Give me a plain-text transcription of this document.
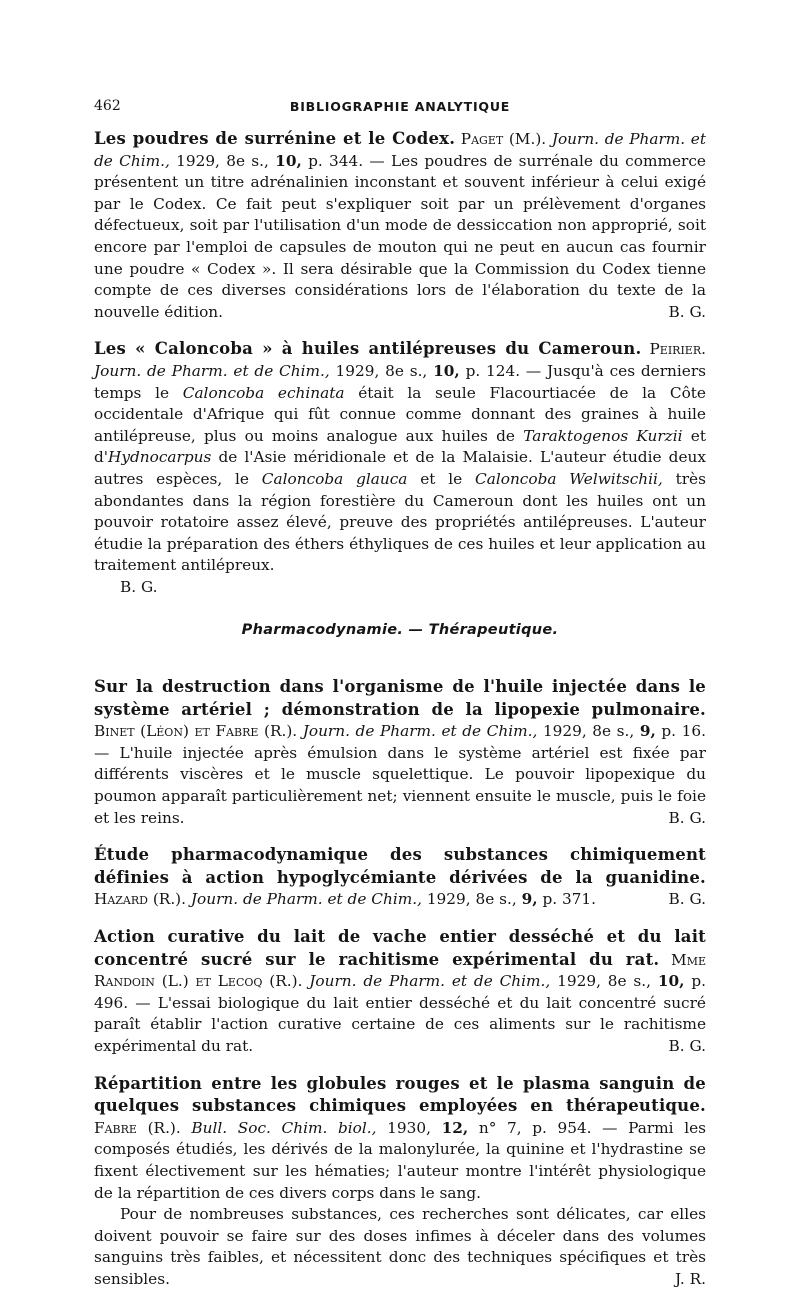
462	BIBLIOGRAPHIE ANALYTIQUE

Les poudres de surrénine et le Codex. Paget (M.). Journ. de Pharm. et de Chim., 1929, 8e s., 10, p. 344. — Les poudres de surrénale du commerce présentent un titre adrénalinien inconstant et souvent inférieur à celui exigé par le Codex. Ce fait peut s'expliquer soit par un prélèvement d'organes défectueux, soit par l'utilisation d'un mode de dessiccation non approprié, soit encore par l'emploi de capsules de mouton qui ne peut en aucun cas fournir une poudre « Codex ». Il sera désirable que la Commission du Codex tienne compte de ces diverses considérations lors de l'élaboration du texte de la nouvelle édition.	B. G.

Les « Caloncoba » à huiles antilépreuses du Cameroun. Peirier. Journ. de Pharm. et de Chim., 1929, 8e s., 10, p. 124. — Jusqu'à ces derniers temps le Caloncoba echinata était la seule Flacourtiacée de la Côte occidentale d'Afrique qui fût connue comme donnant des graines à huile antilépreuse, plus ou moins analogue aux huiles de Taraktogenos Kurzii et d'Hydnocarpus de l'Asie méridionale et de la Malaisie. L'auteur étudie deux autres espèces, le Caloncoba glauca et le Caloncoba Welwitschii, très abondantes dans la région forestière du Cameroun dont les huiles ont un pouvoir rotatoire assez élevé, preuve des propriétés antilépreuses. L'auteur étudie la préparation des éthers éthyliques de ces huiles et leur application au traitement antilépreux.

B. G.

Pharmacodynamie. — Thérapeutique.

Sur la destruction dans l'organisme de l'huile injectée dans le système artériel ; démonstration de la lipopexie pulmonaire. Binet (Léon) et Fabre (R.). Journ. de Pharm. et de Chim., 1929, 8e s., 9, p. 16. — L'huile injectée après émulsion dans le système artériel est fixée par différents viscères et le muscle squelettique. Le pouvoir lipopexique du poumon apparaît particulièrement net; viennent ensuite le muscle, puis le foie et les reins.	B. G.

Étude pharmacodynamique des substances chimiquement définies à action hypoglycémiante dérivées de la guanidine. Hazard (R.). Journ. de Pharm. et de Chim., 1929, 8e s., 9, p. 371.	B. G.

Action curative du lait de vache entier desséché et du lait concentré sucré sur le rachitisme expérimental du rat. Mme Randoin (L.) et Lecoq (R.). Journ. de Pharm. et de Chim., 1929, 8e s., 10, p. 496. — L'essai biologique du lait entier desséché et du lait concentré sucré paraît établir l'action curative certaine de ces aliments sur le rachitisme expérimental du rat.	B. G.

Répartition entre les globules rouges et le plasma sanguin de quelques substances chimiques employées en thérapeutique. Fabre (R.). Bull. Soc. Chim. biol., 1930, 12, n° 7, p. 954. — Parmi les composés étudiés, les dérivés de la malonylurée, la quinine et l'hydrastine se fixent électivement sur les hématies; l'auteur montre l'intérêt physiologique de la répartition de ces divers corps dans le sang.

Pour de nombreuses substances, ces recherches sont délicates, car elles doivent pouvoir se faire sur des doses infimes à déceler dans des volumes sanguins très faibles, et nécessitent donc des techniques spécifiques et très sensibles.	J. R.
